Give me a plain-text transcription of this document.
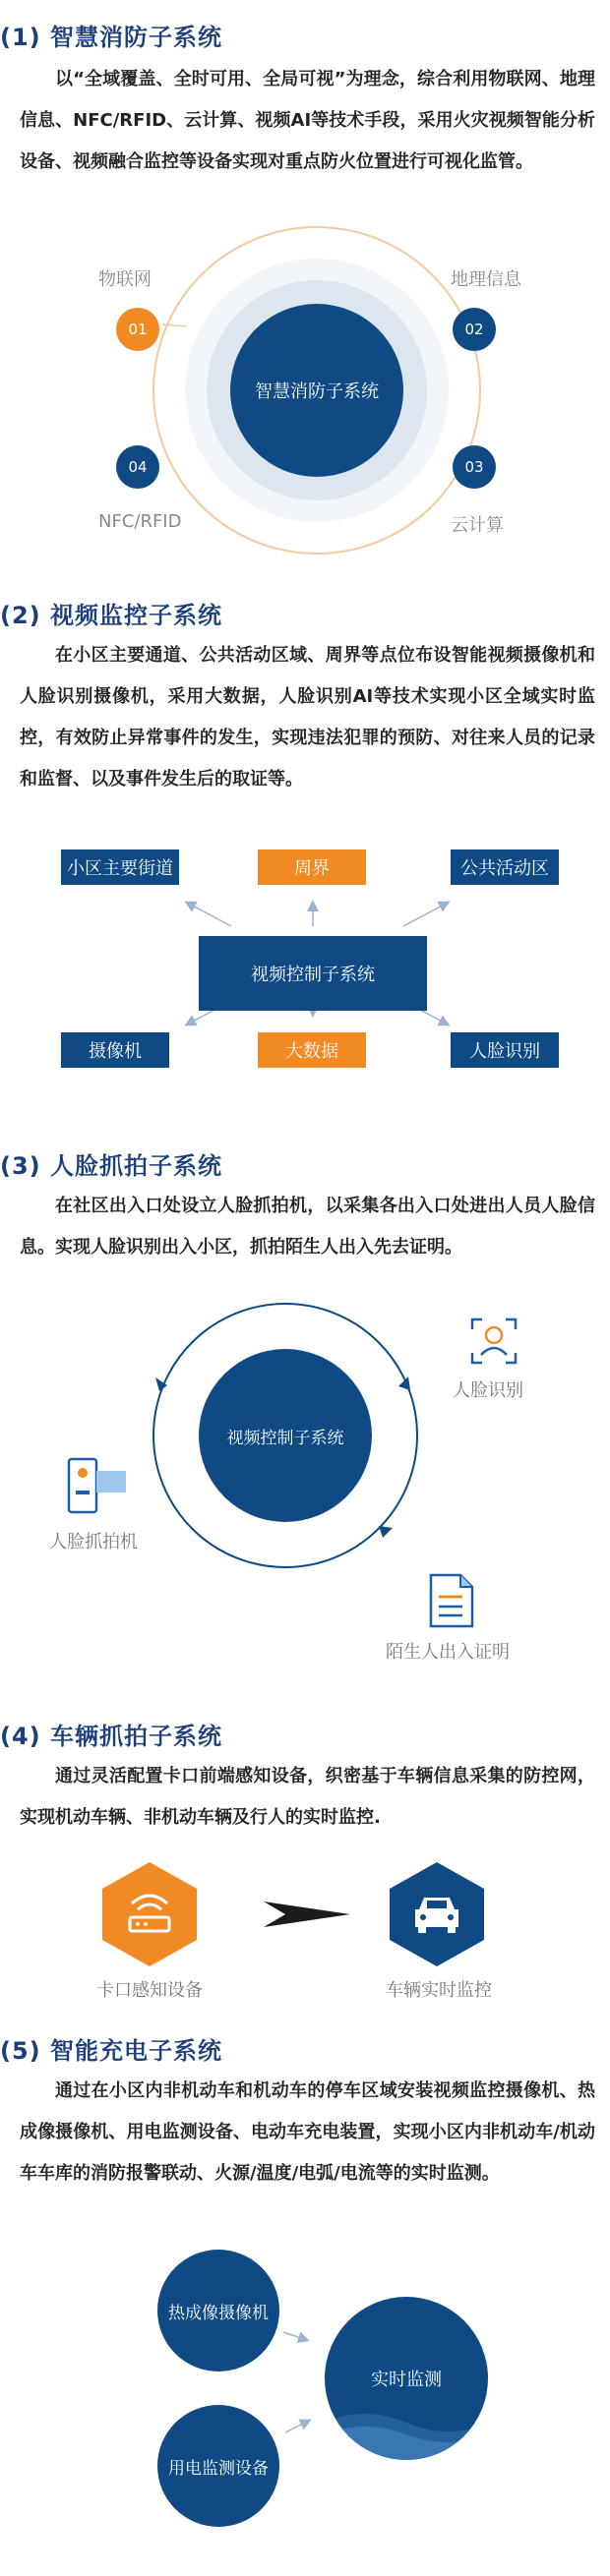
(1) 智慧消防子系统
以“全域覆盖、全时可用、全局可视”为理念，综合利用物联网、地理信息、NFC/RFID、云计算、视频AI等技术手段，采用火灾视频智能分析设备、视频融合监控等设备实现对重点防火位置进行可视化监管。
智慧消防子系统
物联网	地理信息
NFC/RFID	云计算
01	02
04	03
(2) 视频监控子系统
在小区主要通道、公共活动区域、周界等点位布设智能视频摄像机和人脸识别摄像机，采用大数据，人脸识别AI等技术实现小区全域实时监控，有效防止异常事件的发生，实现违法犯罪的预防、对往来人员的记录和监督、以及事件发生后的取证等。
小区主要街道	周界	公共活动区
视频控制子系统
摄像机	大数据	人脸识别
(3) 人脸抓拍子系统
在社区出入口处设立人脸抓拍机，以采集各出入口处进出人员人脸信息。实现人脸识别出入小区，抓拍陌生人出入先去证明。
视频控制子系统
人脸识别
人脸抓拍机
陌生人出入证明
(4) 车辆抓拍子系统
通过灵活配置卡口前端感知设备，织密基于车辆信息采集的防控网，实现机动车辆、非机动车辆及行人的实时监控.
卡口感知设备	车辆实时监控
(5) 智能充电子系统
通过在小区内非机动车和机动车的停车区域安装视频监控摄像机、热成像摄像机、用电监测设备、电动车充电装置，实现小区内非机动车/机动车车库的消防报警联动、火源/温度/电弧/电流等的实时监测。
热成像摄像机
用电监测设备
实时监测
